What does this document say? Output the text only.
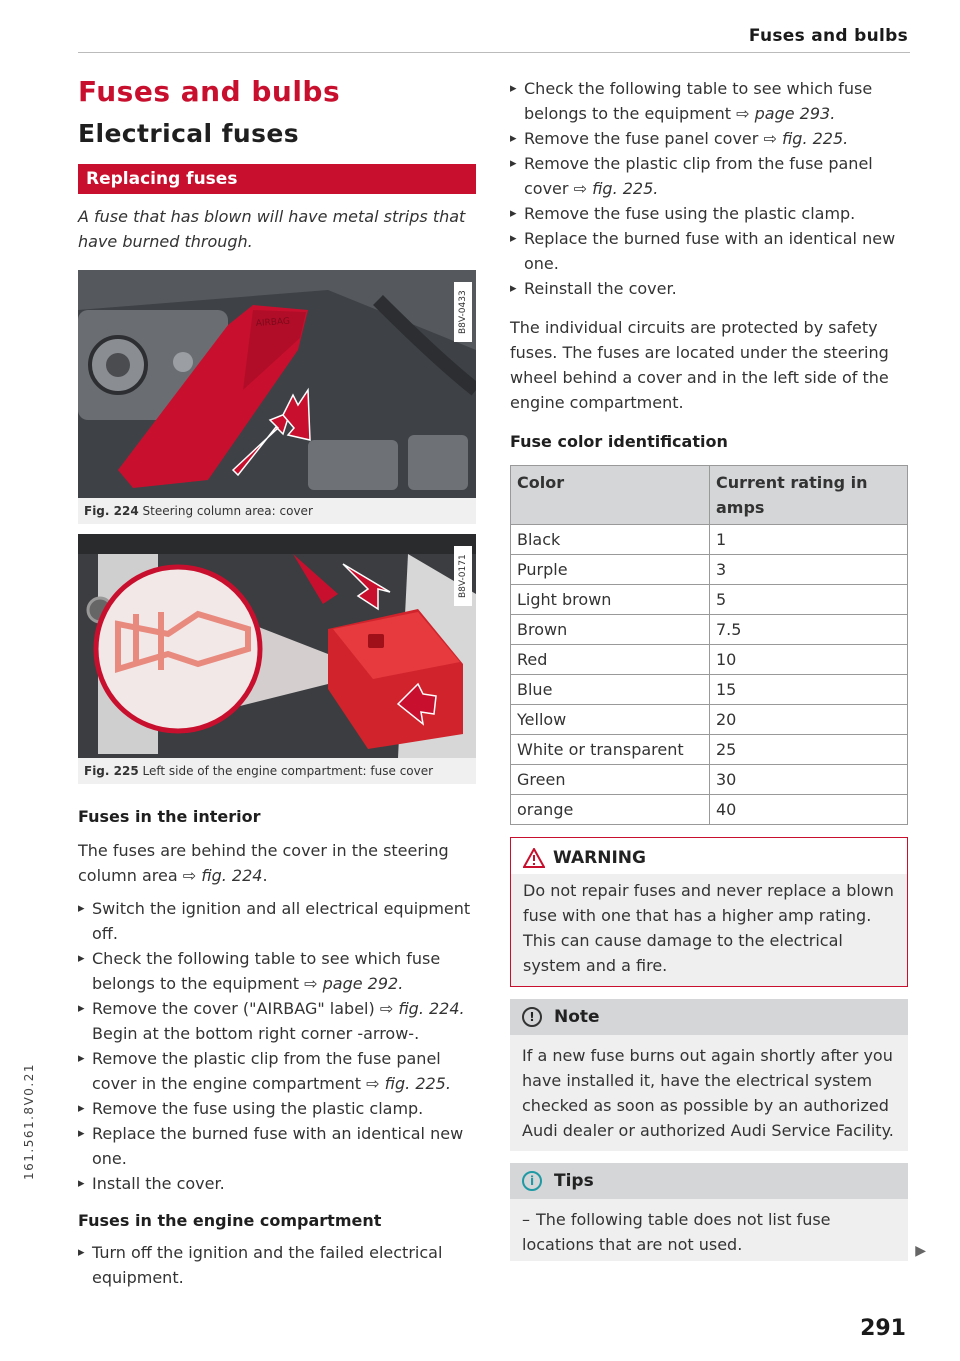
Fuses and bulbs
161.561.8V0.21
Fuses and bulbs
Electrical fuses
Replacing fuses
A fuse that has blown will have metal strips that have burned through.
AIRBAG	B8V-0433
Fig. 224 Steering column area: cover
B8V-0171
Fig. 225 Left side of the engine compartment: fuse cover
Fuses in the interior

The fuses are behind the cover in the steering column area ⇨ fig. 224.

▸ Switch the ignition and all electrical equipment off.
▸ Check the following table to see which fuse belongs to the equipment ⇨ page 292.
▸ Remove the cover ("AIRBAG" label) ⇨ fig. 224.
Begin at the bottom right corner -arrow-.
▸ Remove the plastic clip from the fuse panel cover in the engine compartment ⇨ fig. 225.
▸ Remove the fuse using the plastic clamp.
▸ Replace the burned fuse with an identical new one.
▸ Install the cover.
Fuses in the engine compartment
▸ Turn off the ignition and the failed electrical equipment.
▸ Check the following table to see which fuse belongs to the equipment ⇨ page 293.
▸ Remove the fuse panel cover ⇨ fig. 225.
▸ Remove the plastic clip from the fuse panel cover ⇨ fig. 225.
▸ Remove the fuse using the plastic clamp.
▸ Replace the burned fuse with an identical new one.
▸ Reinstall the cover.

The individual circuits are protected by safety fuses. The fuses are located under the steering wheel behind a cover and in the left side of the engine compartment.

Fuse color identification
Color	Current rating in amps
Black	1
Purple	3
Light brown	5
Brown	7.5
Red	10
Blue	15
Yellow	20
White or transparent	25
Green	30
orange	40
WARNING
Do not repair fuses and never replace a blown fuse with one that has a higher amp rating. This can cause damage to the electrical system and a fire.
!	Note
If a new fuse burns out again shortly after you have installed it, have the electrical system checked as soon as possible by an authorized Audi dealer or authorized Audi Service Facility.
i	Tips
– The following table does not list fuse locations that are not used.	▶
291
